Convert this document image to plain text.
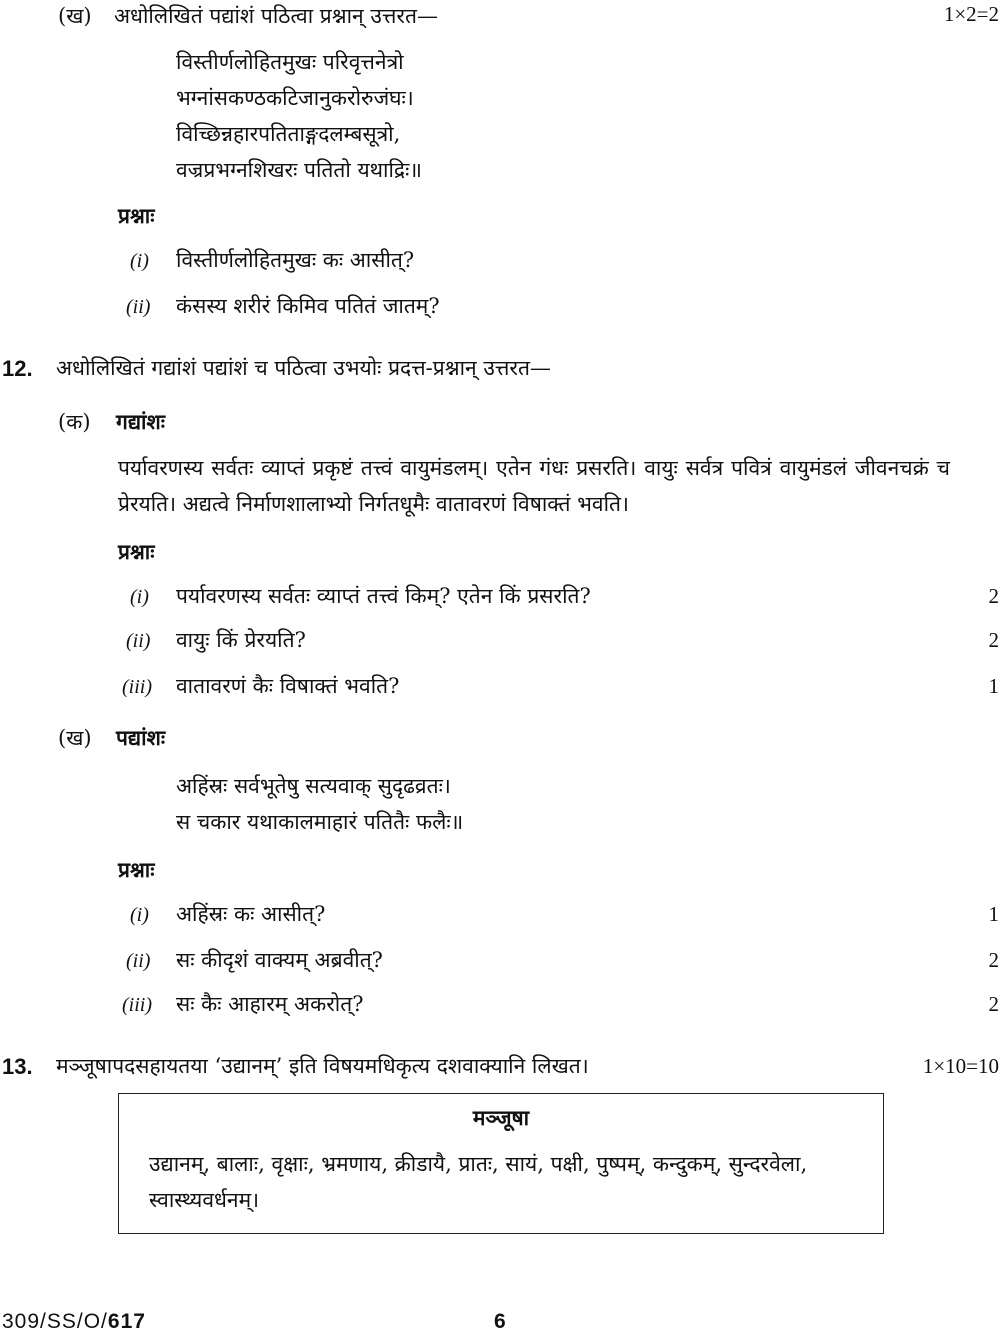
(ख) अधोलिखितं पद्यांशं पठित्वा प्रश्नान् उत्तरत—	1×2=2
विस्तीर्णलोहितमुखः परिवृत्तनेत्रो
भग्नांसकण्ठकटिजानुकरोरुजंघः।
विच्छिन्नहारपतिताङ्गदलम्बसूत्रो,
वज्रप्रभग्नशिखरः पतितो यथाद्रिः॥
प्रश्नाः
(i) विस्तीर्णलोहितमुखः कः आसीत्?
(ii) कंसस्य शरीरं किमिव पतितं जातम्?
12. अधोलिखितं गद्यांशं पद्यांशं च पठित्वा उभयोः प्रदत्त-प्रश्नान् उत्तरत—
(क) गद्यांशः
पर्यावरणस्य सर्वतः व्याप्तं प्रकृष्टं तत्त्वं वायुमंडलम्। एतेन गंधः प्रसरति। वायुः सर्वत्र पवित्रं वायुमंडलं जीवनचक्रं च प्रेरयति। अद्यत्वे निर्माणशालाभ्यो निर्गतधूमैः वातावरणं विषाक्तं भवति।
प्रश्नाः
(i) पर्यावरणस्य सर्वतः व्याप्तं तत्त्वं किम्? एतेन किं प्रसरति?	2
(ii) वायुः किं प्रेरयति?	2
(iii) वातावरणं कैः विषाक्तं भवति?	1
(ख) पद्यांशः
अहिंस्रः सर्वभूतेषु सत्यवाक् सुदृढव्रतः।
स चकार यथाकालमाहारं पतितैः फलैः॥
प्रश्नाः
(i) अहिंस्रः कः आसीत्?	1
(ii) सः कीदृशं वाक्यम् अब्रवीत्?	2
(iii) सः कैः आहारम् अकरोत्?	2
13. मञ्जूषापदसहायतया ‘उद्यानम्’ इति विषयमधिकृत्य दशवाक्यानि लिखत।	1×10=10
मञ्जूषा
उद्यानम्, बालाः, वृक्षाः, भ्रमणाय, क्रीडायै, प्रातः, सायं, पक्षी, पुष्पम्, कन्दुकम्, सुन्दरवेला, स्वास्थ्यवर्धनम्।
309/SS/O/617	6
